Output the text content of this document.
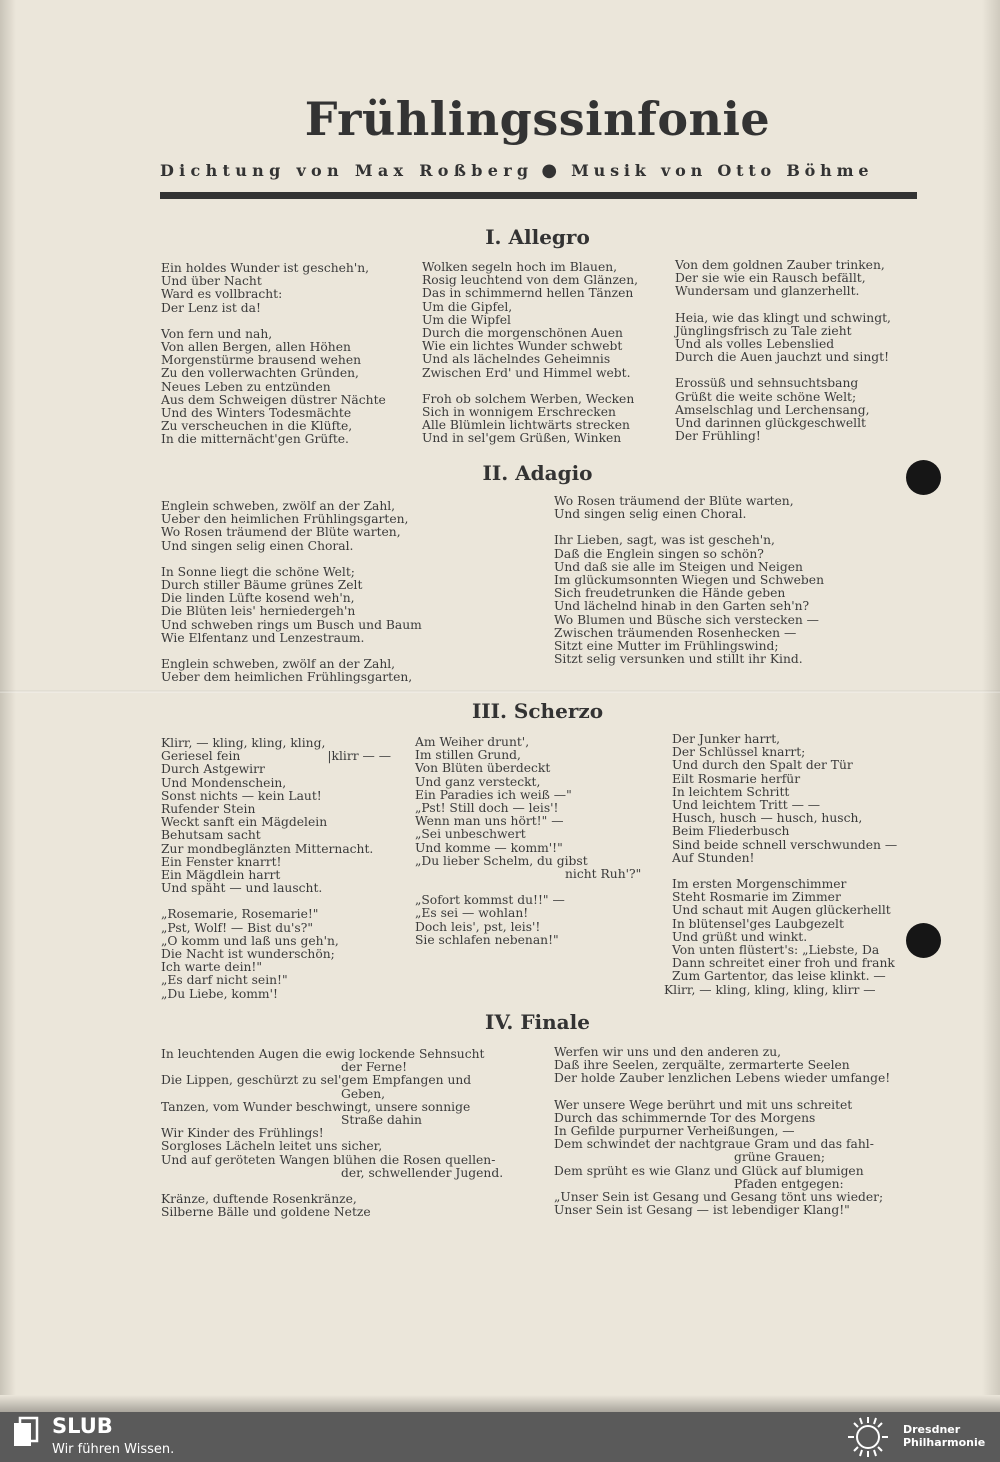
Frühlingssinfonie
Dichtung von Max Roßberg ● Musik von Otto Böhme
I. Allegro

Ein holdes Wunder ist gescheh'n,

Und über Nacht

Ward es vollbracht:

Der Lenz ist da!

Von fern und nah,

Von allen Bergen, allen Höhen

Morgenstürme brausend wehen

Zu den vollerwachten Gründen,

Neues Leben zu entzünden

Aus dem Schweigen düstrer Nächte

Und des Winters Todesmächte

Zu verscheuchen in die Klüfte,

In die mitternächt'gen Grüfte.

Wolken segeln hoch im Blauen,

Rosig leuchtend von dem Glänzen,

Das in schimmernd hellen Tänzen

Um die Gipfel,

Um die Wipfel

Durch die morgenschönen Auen

Wie ein lichtes Wunder schwebt

Und als lächelndes Geheimnis

Zwischen Erd' und Himmel webt.

Froh ob solchem Werben, Wecken

Sich in wonnigem Erschrecken

Alle Blümlein lichtwärts strecken

Und in sel'gem Grüßen, Winken

Von dem goldnen Zauber trinken,

Der sie wie ein Rausch befällt,

Wundersam und glanzerhellt.

Heia, wie das klingt und schwingt,

Jünglingsfrisch zu Tale zieht

Und als volles Lebenslied

Durch die Auen jauchzt und singt!

Erossüß und sehnsuchtsbang

Grüßt die weite schöne Welt;

Amselschlag und Lerchensang,

Und darinnen glückgeschwellt

Der Frühling!

II. Adagio

Englein schweben, zwölf an der Zahl,

Ueber den heimlichen Frühlingsgarten,

Wo Rosen träumend der Blüte warten,

Und singen selig einen Choral.

In Sonne liegt die schöne Welt;

Durch stiller Bäume grünes Zelt

Die linden Lüfte kosend weh'n,

Die Blüten leis' herniedergeh'n

Und schweben rings um Busch und Baum

Wie Elfentanz und Lenzestraum.

Englein schweben, zwölf an der Zahl,

Ueber dem heimlichen Frühlingsgarten,

Wo Rosen träumend der Blüte warten,

Und singen selig einen Choral.

Ihr Lieben, sagt, was ist gescheh'n,

Daß die Englein singen so schön?

Und daß sie alle im Steigen und Neigen

Im glückumsonnten Wiegen und Schweben

Sich freudetrunken die Hände geben

Und lächelnd hinab in den Garten seh'n?

Wo Blumen und Büsche sich verstecken —

Zwischen träumenden Rosenhecken —

Sitzt eine Mutter im Frühlingswind;

Sitzt selig versunken und stillt ihr Kind.

III. Scherzo

Klirr, — kling, kling, kling,

Geriesel fein	|klirr — —

Durch Astgewirr

Und Mondenschein,

Sonst nichts — kein Laut!

Rufender Stein

Weckt sanft ein Mägdelein

Behutsam sacht

Zur mondbeglänzten Mitternacht.

Ein Fenster knarrt!

Ein Mägdlein harrt

Und späht — und lauscht.

„Rosemarie, Rosemarie!"

„Pst, Wolf! — Bist du's?"

„O komm und laß uns geh'n,

Die Nacht ist wunderschön;

Ich warte dein!"

„Es darf nicht sein!"

„Du Liebe, komm'!

Am Weiher drunt',

Im stillen Grund,

Von Blüten überdeckt

Und ganz versteckt,

Ein Paradies ich weiß —"

„Pst! Still doch — leis'!

Wenn man uns hört!" —

„Sei unbeschwert

Und komme — komm'!"

„Du lieber Schelm, du gibst

nicht Ruh'?"

„Sofort kommst du!!" —

„Es sei — wohlan!

Doch leis', pst, leis'!

Sie schlafen nebenan!"

Der Junker harrt,

Der Schlüssel knarrt;

Und durch den Spalt der Tür

Eilt Rosmarie herfür

In leichtem Schritt

Und leichtem Tritt — —

Husch, husch — husch, husch,

Beim Fliederbusch

Sind beide schnell verschwunden —

Auf Stunden!

Im ersten Morgenschimmer

Steht Rosmarie im Zimmer

Und schaut mit Augen glückerhellt

In blütensel'ges Laubgezelt

Und grüßt und winkt.

Von unten flüstert's: „Liebste, Da

Dann schreitet einer froh und frank

Zum Gartentor, das leise klinkt. —

Klirr, — kling, kling, kling, klirr —

IV. Finale

In leuchtenden Augen die ewig lockende Sehnsucht

der Ferne!

Die Lippen, geschürzt zu sel'gem Empfangen und

Geben,

Tanzen, vom Wunder beschwingt, unsere sonnige

Straße dahin

Wir Kinder des Frühlings!

Sorgloses Lächeln leitet uns sicher,

Und auf geröteten Wangen blühen die Rosen quellen-

der, schwellender Jugend.

Kränze, duftende Rosenkränze,

Silberne Bälle und goldene Netze

Werfen wir uns und den anderen zu,

Daß ihre Seelen, zerquälte, zermarterte Seelen

Der holde Zauber lenzlichen Lebens wieder umfange!

Wer unsere Wege berührt und mit uns schreitet

Durch das schimmernde Tor des Morgens

In Gefilde purpurner Verheißungen, —

Dem schwindet der nachtgraue Gram und das fahl-

grüne Grauen;

Dem sprüht es wie Glanz und Glück auf blumigen

Pfaden entgegen:

„Unser Sein ist Gesang und Gesang tönt uns wieder;

Unser Sein ist Gesang — ist lebendiger Klang!"

SLUB
Wir führen Wissen.
Dresdner
Philharmonie
